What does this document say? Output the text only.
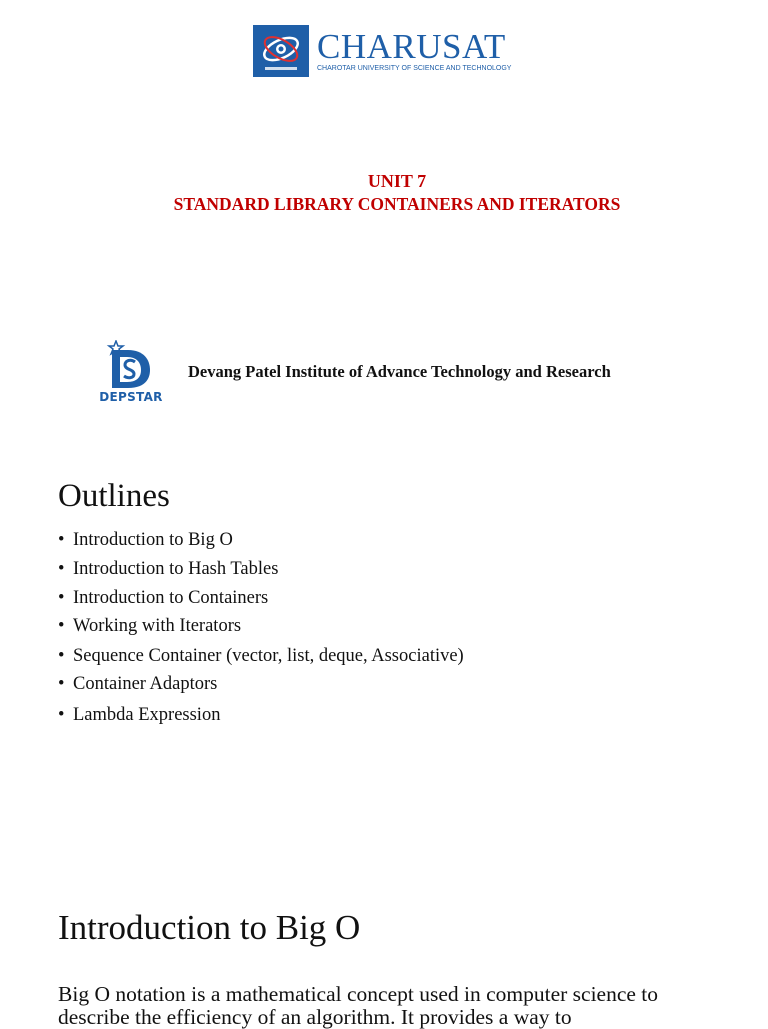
CHARUSAT
CHAROTAR UNIVERSITY OF SCIENCE AND TECHNOLOGY
UNIT 7
STANDARD LIBRARY CONTAINERS AND ITERATORS
DEPSTAR
Devang Patel Institute of Advance Technology and Research
Outlines
• Introduction to Big O
• Introduction to Hash Tables
• Introduction to Containers
• Working with Iterators
• Sequence Container (vector, list, deque, Associative)
• Container Adaptors
• Lambda Expression
Introduction to Big O
Big O notation is a mathematical concept used in computer science to describe the efficiency of an algorithm. It provides a way to
